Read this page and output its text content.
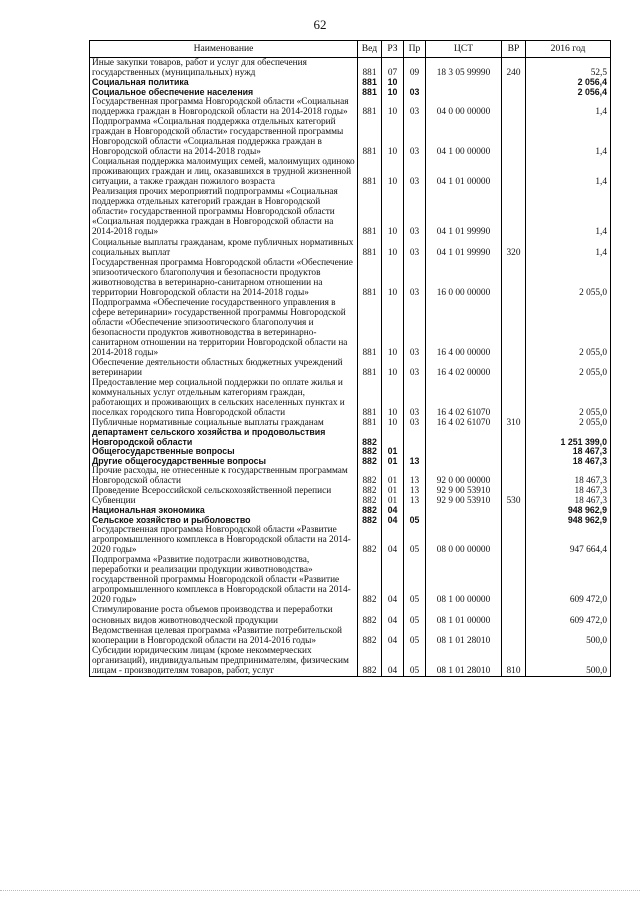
62
Наименование	Вед	РЗ	Пр	ЦСТ	ВР	2016 год
Иные закупки товаров, работ и услуг для обеспечения государственных (муниципальных) нужд	881	07	09	18 3 05 99990	240	52,5
Социальная политика	881	10				2 056,4
Социальное обеспечение населения	881	10	03			2 056,4
Государственная программа Новгородской области «Социальная поддержка граждан в Новгородской области на 2014-2018 годы»	881	10	03	04 0 00 00000		1,4
Подпрограмма «Социальная поддержка отдельных категорий граждан в Новгородской области» государственной программы Новгородской области «Социальная поддержка граждан в Новгородской области на 2014-2018 годы»	881	10	03	04 1 00 00000		1,4
Социальная поддержка малоимущих семей, малоимущих одиноко проживающих граждан и лиц, оказавшихся в трудной жизненной ситуации, а также граждан пожилого возраста	881	10	03	04 1 01 00000		1,4
Реализация прочих мероприятий подпрограммы «Социальная поддержка отдельных категорий граждан в Новгородской области» государственной программы Новгородской области «Социальная поддержка граждан в Новгородской области на 2014-2018 годы»	881	10	03	04 1 01 99990		1,4
Социальные выплаты гражданам, кроме публичных нормативных социальных выплат	881	10	03	04 1 01 99990	320	1,4
Государственная программа Новгородской области «Обеспечение эпизоотического благополучия и безопасности продуктов животноводства в ветеринарно-санитарном отношении на территории Новгородской области на 2014-2018 годы»	881	10	03	16 0 00 00000		2 055,0
Подпрограмма «Обеспечение государственного управления в сфере ветеринарии» государственной программы Новгородской области «Обеспечение эпизоотического благополучия и безопасности продуктов животноводства в ветеринарно-санитарном отношении на территории Новгородской области на 2014-2018 годы»	881	10	03	16 4 00 00000		2 055,0
Обеспечение деятельности областных бюджетных учреждений ветеринарии	881	10	03	16 4 02 00000		2 055,0
Предоставление мер социальной поддержки по оплате жилья и коммунальных услуг отдельным категориям граждан, работающих и проживающих в сельских населенных пунктах и поселках городского типа Новгородской области	881	10	03	16 4 02 61070		2 055,0
Публичные нормативные социальные выплаты гражданам	881	10	03	16 4 02 61070	310	2 055,0
департамент сельского хозяйства и продовольствия Новгородской области	882					1 251 399,0
Общегосударственные вопросы	882	01				18 467,3
Другие общегосударственные вопросы	882	01	13			18 467,3
Прочие расходы, не отнесенные к государственным программам Новгородской области	882	01	13	92 0 00 00000		18 467,3
Проведение Всероссийской сельскохозяйственной переписи	882	01	13	92 9 00 53910		18 467,3
Субвенции	882	01	13	92 9 00 53910	530	18 467,3
Национальная экономика	882	04				948 962,9
Сельское хозяйство и рыболовство	882	04	05			948 962,9
Государственная программа Новгородской области «Развитие агропромышленного комплекса в Новгородской области на 2014-2020 годы»	882	04	05	08 0 00 00000		947 664,4
Подпрограмма «Развитие подотрасли животноводства, переработки и реализации продукции животноводства» государственной программы Новгородской области «Развитие агропромышленного комплекса в Новгородской области на 2014-2020 годы»	882	04	05	08 1 00 00000		609 472,0
Стимулирование роста объемов производства и переработки основных видов животноводческой продукции	882	04	05	08 1 01 00000		609 472,0
Ведомственная целевая программа «Развитие потребительской кооперации в Новгородской области на 2014-2016 годы»	882	04	05	08 1 01 28010		500,0
Субсидии юридическим лицам (кроме некоммерческих организаций), индивидуальным предпринимателям, физическим лицам - производителям товаров, работ, услуг	882	04	05	08 1 01 28010	810	500,0
